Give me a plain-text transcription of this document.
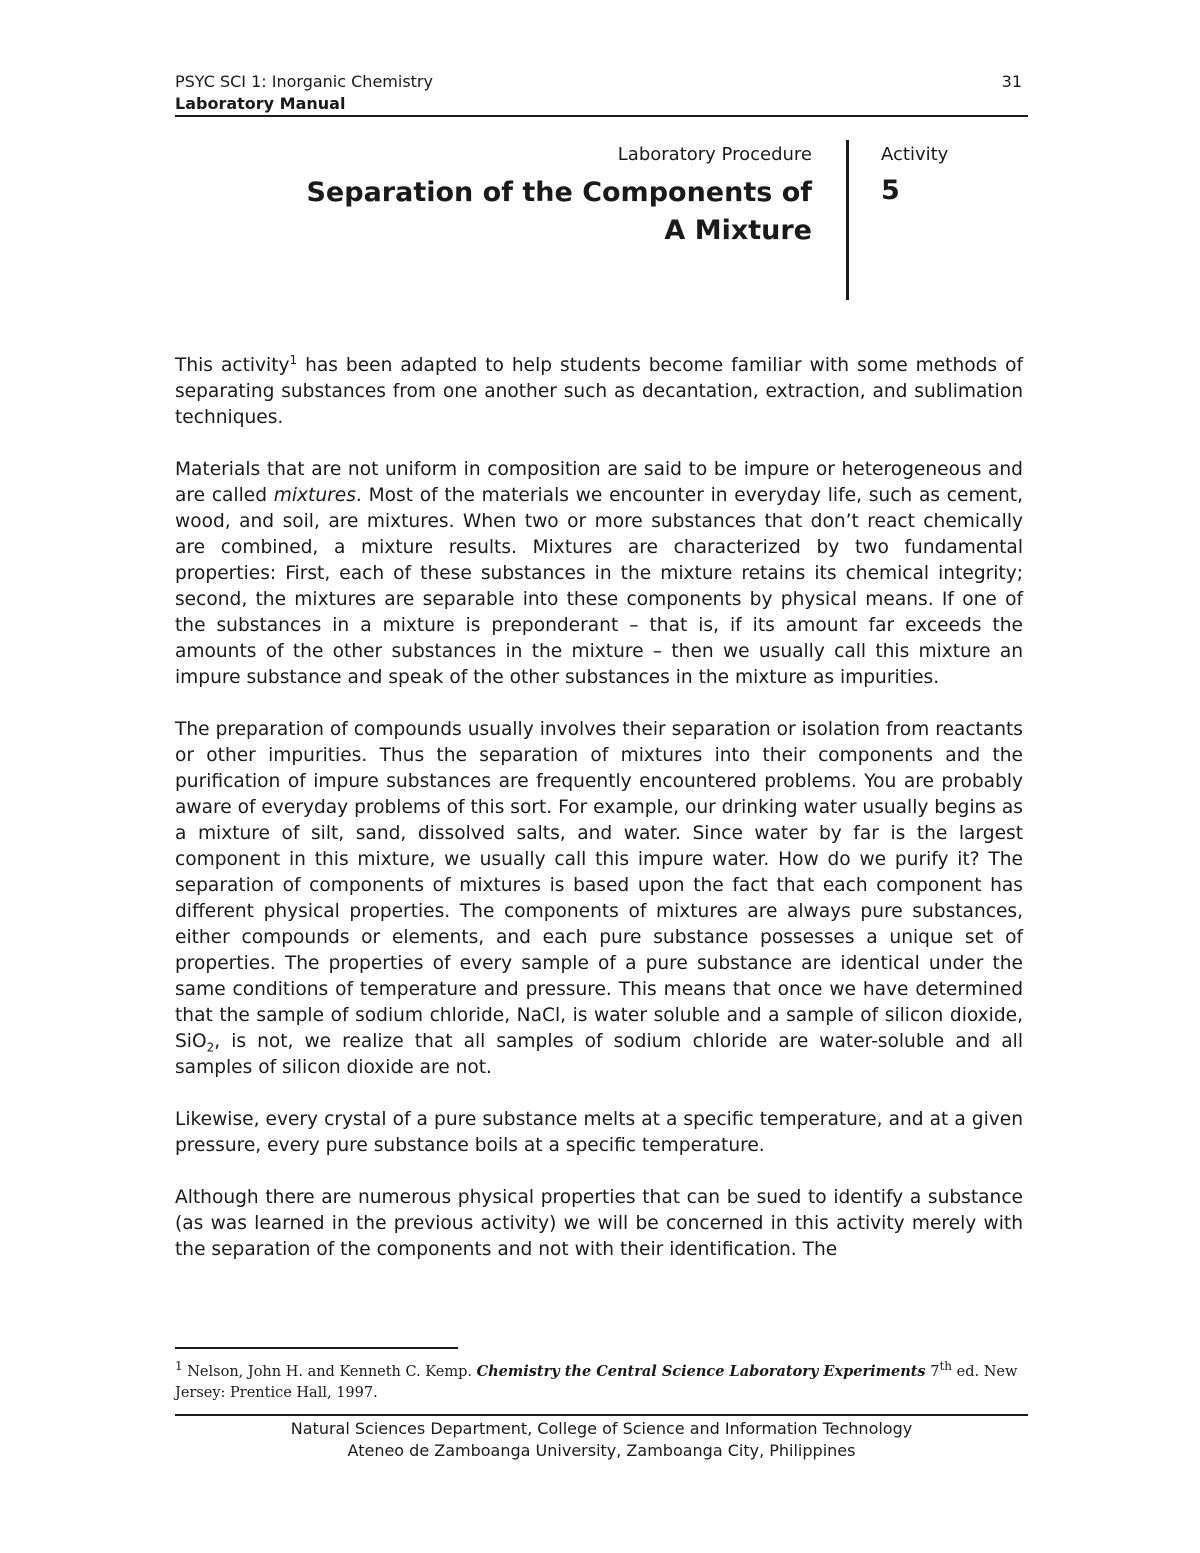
PSYC SCI 1: Inorganic Chemistry
Laboratory Manual
31
Laboratory Procedure
Separation of the Components of
A Mixture
Activity
5

This activity$^1$ has been adapted to help students become familiar with some methods of separating substances from one another such as decantation, extraction, and sublimation techniques.

Materials that are not uniform in composition are said to be impure or heterogeneous and are called mixtures. Most of the materials we encounter in everyday life, such as cement, wood, and soil, are mixtures. When two or more substances that don’t react chemically are combined, a mixture results. Mixtures are characterized by two fundamental properties: First, each of these substances in the mixture retains its chemical integrity; second, the mixtures are separable into these components by physical means. If one of the substances in a mixture is preponderant – that is, if its amount far exceeds the amounts of the other substances in the mixture – then we usually call this mixture an impure substance and speak of the other substances in the mixture as impurities.

The preparation of compounds usually involves their separation or isolation from reactants or other impurities. Thus the separation of mixtures into their components and the purification of impure substances are frequently encountered problems. You are probably aware of everyday problems of this sort. For example, our drinking water usually begins as a mixture of silt, sand, dissolved salts, and water. Since water by far is the largest component in this mixture, we usually call this impure water. How do we purify it? The separation of components of mixtures is based upon the fact that each component has different physical properties. The components of mixtures are always pure substances, either compounds or elements, and each pure substance possesses a unique set of properties. The properties of every sample of a pure substance are identical under the same conditions of temperature and pressure. This means that once we have determined that the sample of sodium chloride, NaCl, is water soluble and a sample of silicon dioxide, SiO$_2$, is not, we realize that all samples of sodium chloride are water-soluble and all samples of silicon dioxide are not.

Likewise, every crystal of a pure substance melts at a specific temperature, and at a given pressure, every pure substance boils at a specific temperature.

Although there are numerous physical properties that can be sued to identify a substance (as was learned in the previous activity) we will be concerned in this activity merely with the separation of the components and not with their identification. The

$^1$ Nelson, John H. and Kenneth C. Kemp. Chemistry the Central Science Laboratory Experiments 7th ed. New Jersey: Prentice Hall, 1997.
Natural Sciences Department, College of Science and Information Technology
Ateneo de Zamboanga University, Zamboanga City, Philippines
